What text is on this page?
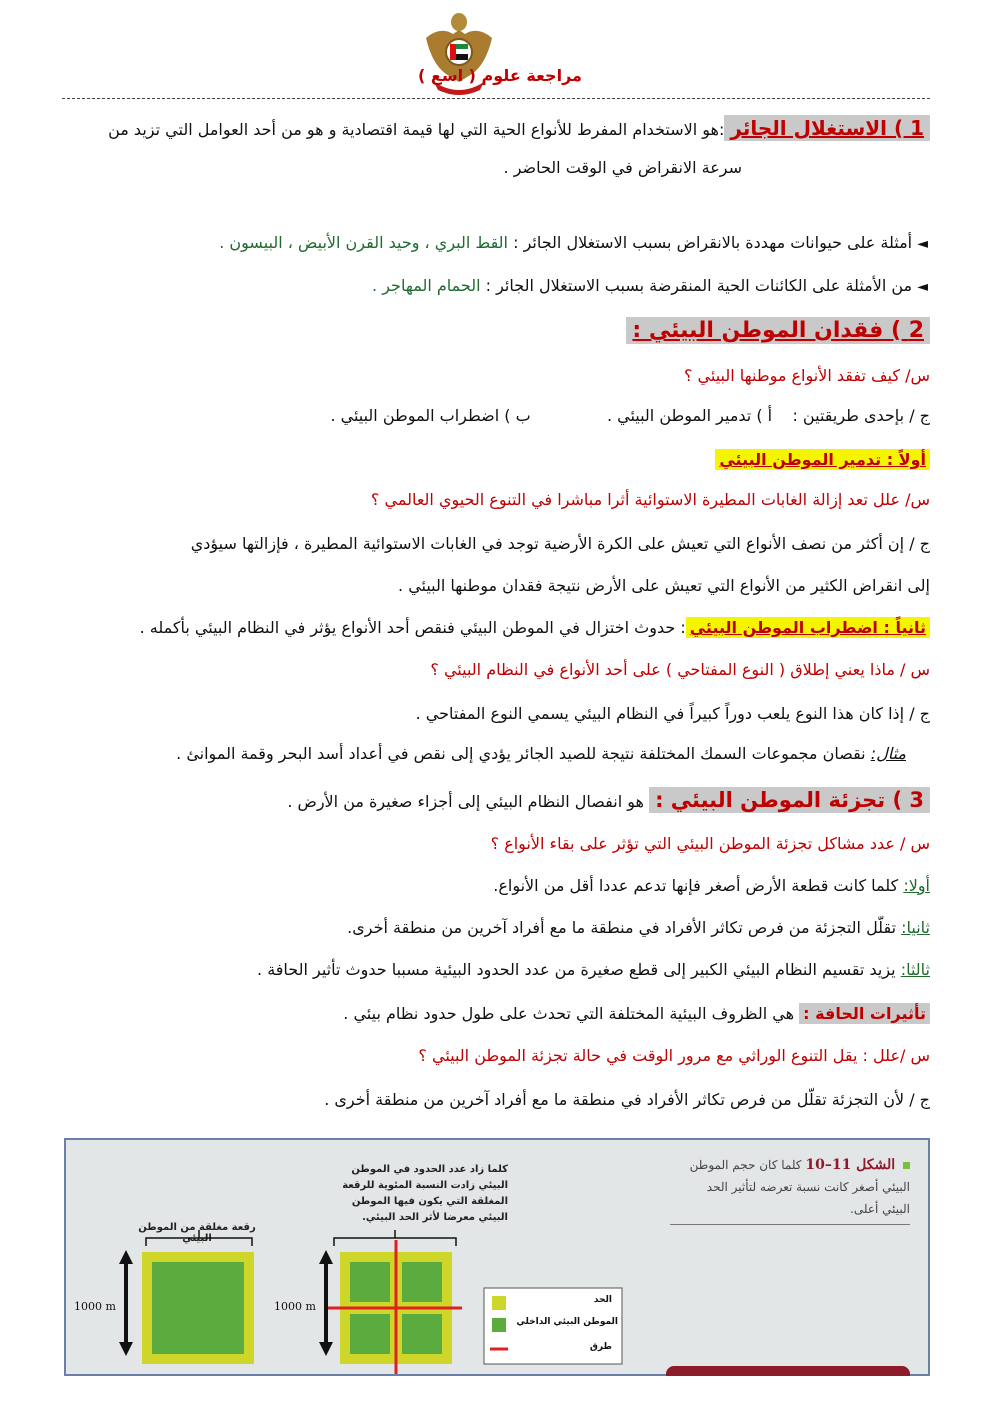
مراجعة علوم ( اسع )
1 ) الاستغلال الجائر:هو الاستخدام المفرط للأنواع الحية التي لها قيمة اقتصادية و هو من أحد العوامل التي تزيد من
سرعة الانقراض في الوقت الحاضر .
◄ أمثلة على حيوانات مهددة بالانقراض بسبب الاستغلال الجائر : القط البري ، وحيد القرن الأبيض ، البيسون .
◄ من الأمثلة على الكائنات الحية المنقرضة بسبب الاستغلال الجائر : الحمام المهاجر .
2 ) فقدان الموطن البيئي :
س/ كيف تفقد الأنواع موطنها البيئي ؟
ج / بإحدى طريقتين :    أ ) تدمير الموطن البيئي .               ب ) اضطراب الموطن البيئي .
أولاً : تدمير الموطن البيئي
س/ علل تعد إزالة الغابات المطيرة الاستوائية أثرا مباشرا في التنوع الحيوي العالمي ؟
ج / إن أكثر من نصف الأنواع التي تعيش على الكرة الأرضية توجد في الغابات الاستوائية المطيرة ، فإزالتها سيؤدي
إلى انقراض الكثير من الأنواع التي تعيش على الأرض نتيجة فقدان موطنها البيئي .
ثانياً : اضطراب الموطن البيئي: حدوث اختزال في الموطن البيئي فنقص أحد الأنواع يؤثر في النظام البيئي بأكمله .
س / ماذا يعني إطلاق ( النوع المفتاحي ) على أحد الأنواع في النظام البيئي ؟
ج / إذا كان هذا النوع يلعب دوراً كبيراً في النظام البيئي يسمي النوع المفتاحي .
مثال: نقصان مجموعات السمك المختلفة نتيجة للصيد الجائر يؤدي إلى نقص في أعداد أسد البحر وقمة الموانئ .
3 ) تجزئة الموطن البيئي : هو انفصال النظام البيئي إلى أجزاء صغيرة من الأرض .
س / عدد مشاكل تجزئة الموطن البيئي التي تؤثر على بقاء الأنواع ؟
أولا: كلما كانت قطعة الأرض أصغر فإنها تدعم عددا أقل من الأنواع.
ثانيا: تقلّل التجزئة من فرص تكاثر الأفراد في منطقة ما مع أفراد آخرين من منطقة أخرى.
ثالثا: يزيد تقسيم النظام البيئي الكبير إلى قطع صغيرة من عدد الحدود البيئية مسببا حدوث تأثير الحافة .
تأثيرات الحافة : هي الظروف البيئية المختلفة التي تحدث على طول حدود نظام بيئي .
س /علل : يقل التنوع الوراثي مع مرور الوقت في حالة تجزئة الموطن البيئي ؟
ج / لأن التجزئة تقلّل من فرص تكاثر الأفراد في منطقة ما مع أفراد آخرين من منطقة أخرى .
الشكل 11–10 كلما كان حجم الموطن
البيئي أصغر كانت نسبة تعرضه لتأثير الحد
البيئي أعلى.
كلما زاد عدد الحدود في الموطن
البيئي زادت النسبة المئوية للرقعة
المغلقة التي يكون فيها الموطن
البيئي معرضا لأثر الحد البيئي.
رقعة مغلقة من الموطن البيئي
1000 m	1000 m	الحد
الموطن البيئي الداخلي
طرق
